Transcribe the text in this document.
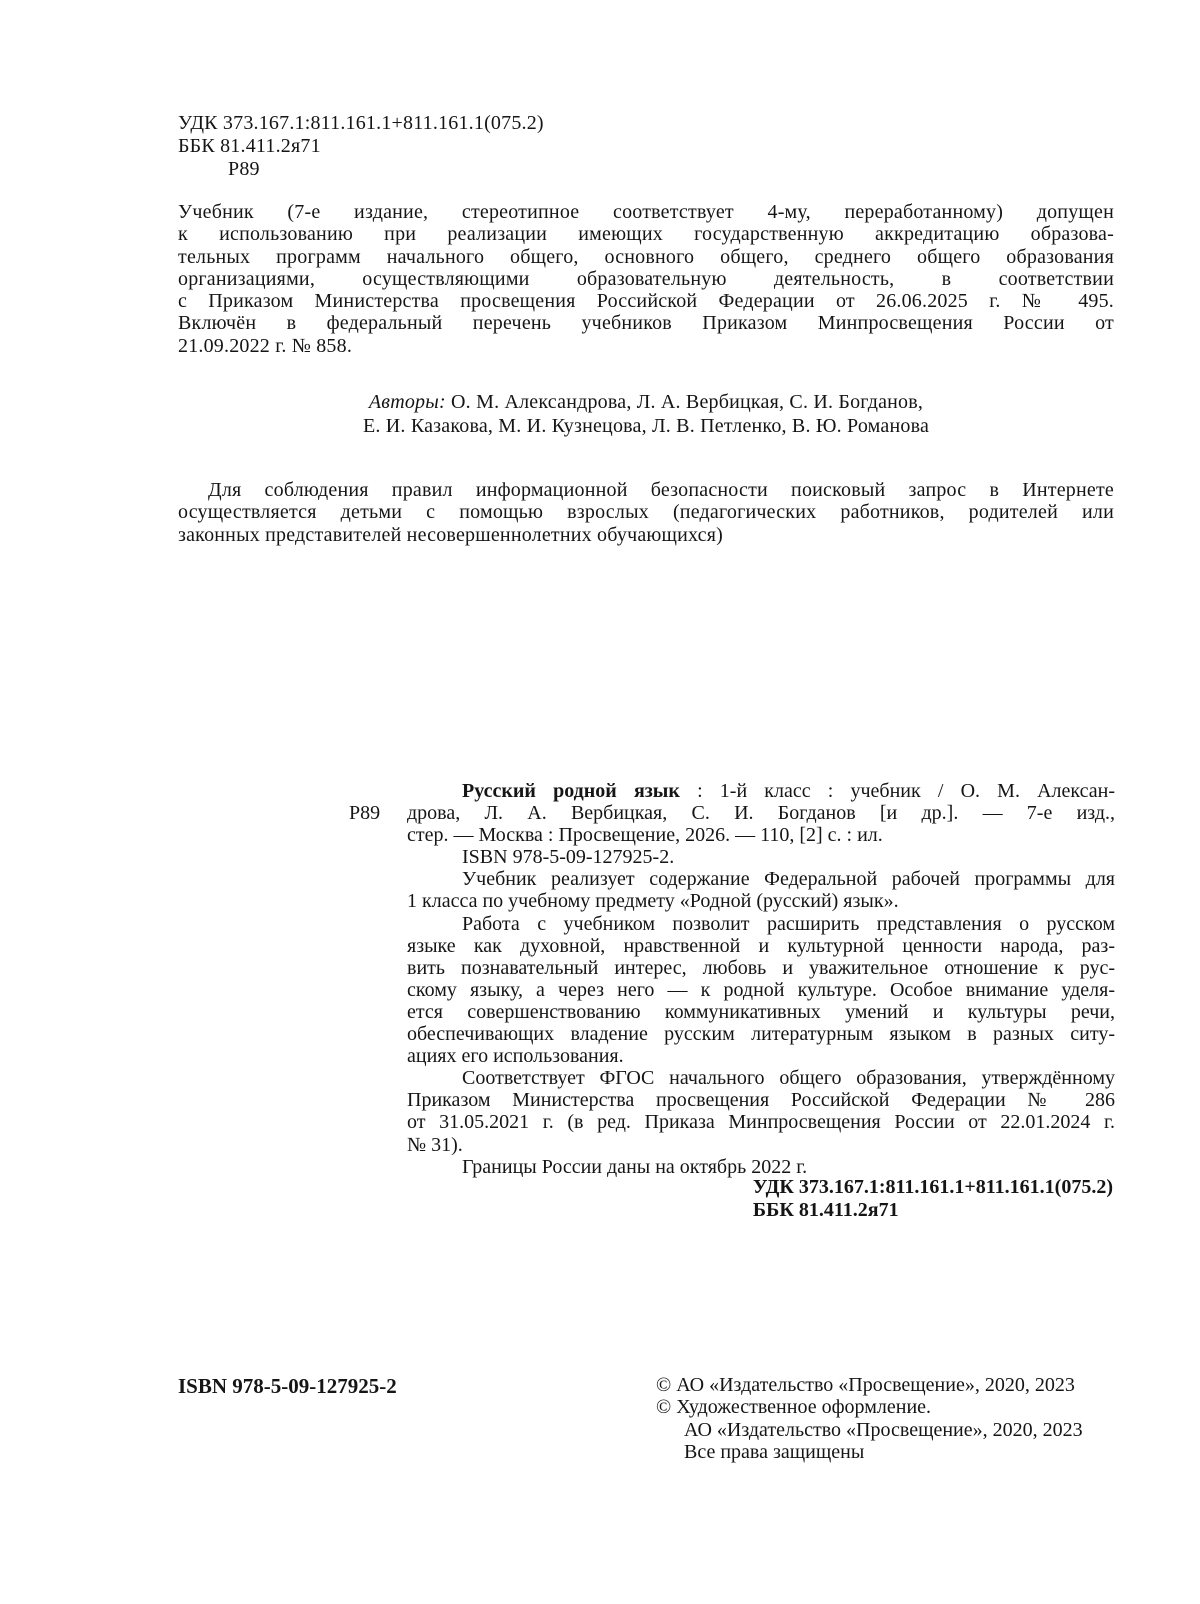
УДК 373.167.1:811.161.1+811.161.1(075.2)
ББК 81.411.2я71
Р89
Учебник (7-е издание, стереотипное соответствует 4-му, переработанному) допущен
к использованию при реализации имеющих государственную аккредитацию образова-
тельных программ начального общего, основного общего, среднего общего образования
организациями, осуществляющими образовательную деятельность, в соответствии
с Приказом Министерства просвещения Российской Федерации от 26.06.2025 г. № 495.
Включён в федеральный перечень учебников Приказом Минпросвещения России от
21.09.2022 г. № 858.
Авторы: О. М. Александрова, Л. А. Вербицкая, С. И. Богданов,
Е. И. Казакова, М. И. Кузнецова, Л. В. Петленко, В. Ю. Романова
Для соблюдения правил информационной безопасности поисковый запрос в Интернете
осуществляется детьми с помощью взрослых (педагогических работников, родителей или
законных представителей несовершеннолетних обучающихся)
Р89
Русский родной язык : 1-й класс : учебник / О. М. Алексан-
дрова, Л. А. Вербицкая, С. И. Богданов [и др.]. — 7-е изд.,
стер. — Москва : Просвещение, 2026. — 110, [2] с. : ил.
ISBN 978-5-09-127925-2.
Учебник реализует содержание Федеральной рабочей программы для
1 класса по учебному предмету «Родной (русский) язык».
Работа с учебником позволит расширить представления о русском
языке как духовной, нравственной и культурной ценности народа, раз-
вить познавательный интерес, любовь и уважительное отношение к рус-
скому языку, а через него — к родной культуре. Особое внимание уделя-
ется совершенствованию коммуникативных умений и культуры речи,
обеспечивающих владение русским литературным языком в разных ситу-
ациях его использования.
Соответствует ФГОС начального общего образования, утверждённому
Приказом Министерства просвещения Российской Федерации № 286
от 31.05.2021 г. (в ред. Приказа Минпросвещения России от 22.01.2024 г.
№ 31).
Границы России даны на октябрь 2022 г.
УДК 373.167.1:811.161.1+811.161.1(075.2)
ББК 81.411.2я71
ISBN 978-5-09-127925-2	© АО «Издательство «Просвещение», 2020, 2023
© Художественное оформление.
АО «Издательство «Просвещение», 2020, 2023
Все права защищены
